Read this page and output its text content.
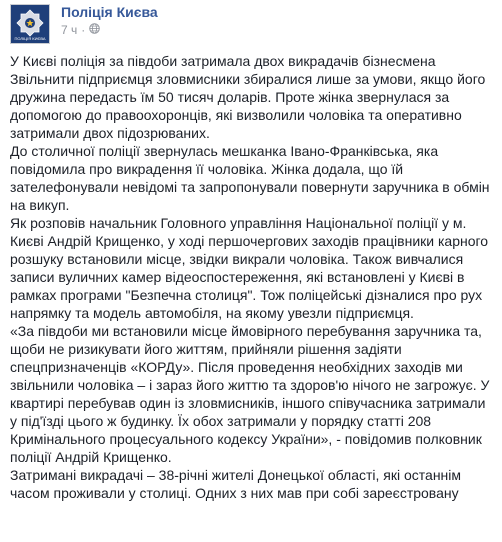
ПОЛІЦІЯ КИЄВА
Поліція Києва
7 ч ·

У Києві поліція за півдоби затримала двох викрадачів бізнесмена

Звільнити підприємця зловмисники збиралися лише за умови, якщо його дружина передасть їм 50 тисяч доларів. Проте жінка звернулася за допомогою до правоохоронців, які визволили чоловіка та оперативно затримали двох підозрюваних.

До столичної поліції звернулась мешканка Івано-Франківська, яка повідомила про викрадення її чоловіка. Жінка додала, що їй зателефонували невідомі та запропонували повернути заручника в обмін на викуп.

Як розповів начальник Головного управління Національної поліції у м. Києві Андрій Крищенко, у ході першочергових заходів працівники карного розшуку встановили місце, звідки викрали чоловіка. Також вивчалися записи вуличних камер відеоспостереження, які встановлені у Києві в рамках програми "Безпечна столиця". Тож поліцейські дізналися про рух напрямку та модель автомобіля, на якому увезли підприємця.

«За півдоби ми встановили місце ймовірного перебування заручника та, щоби не ризикувати його життям, прийняли рішення задіяти спецпризначенців «КОРДу». Після проведення необхідних заходів ми звільнили чоловіка – і зараз його життю та здоров'ю нічого не загрожує. У квартирі перебував один із зловмисників, іншого співучасника затримали у під'їзді цього ж будинку. Їх обох затримали у порядку статті 208 Кримінального процесуального кодексу України», - повідомив полковник поліції Андрій Крищенко.

Затримані викрадачі – 38-річні жителі Донецької області, які останнім часом проживали у столиці. Одних з них мав при собі зареєстровану
